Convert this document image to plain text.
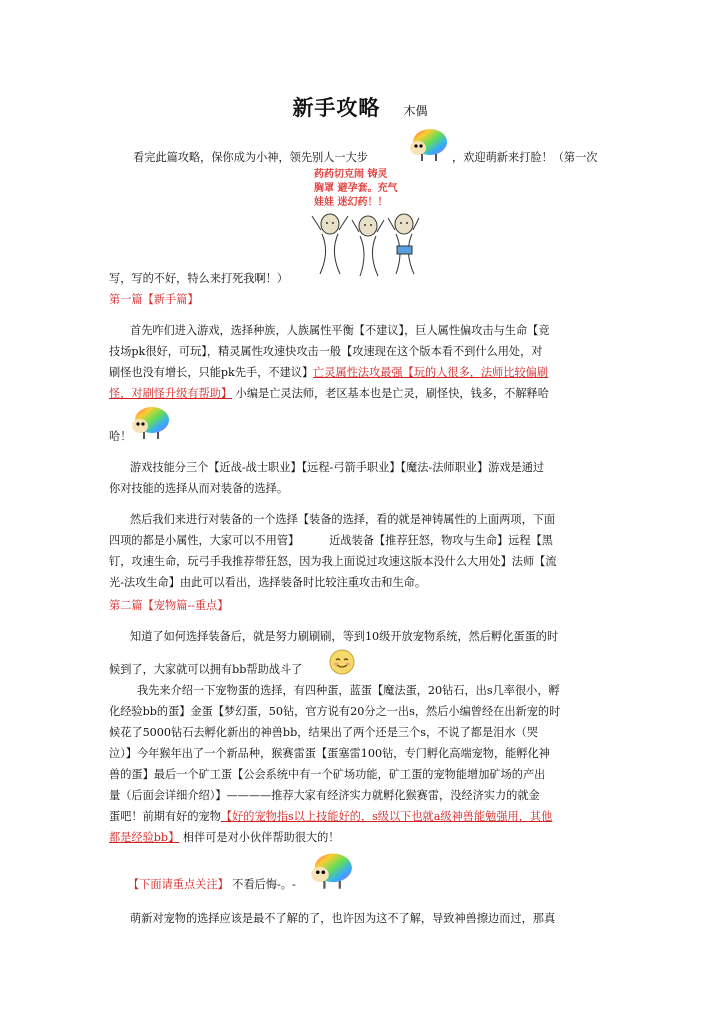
新手攻略 木偶
看完此篇攻略，保你成为小神，领先别人一大步	，欢迎萌新来打脸！（第一次
药药切克闹 铸灵
胸罩 避孕套。充气
娃娃 迷幻药！！
写，写的不好，特么来打死我啊！）
第一篇【新手篇】
首先咋们进入游戏，选择种族，人族属性平衡【不建议】，巨人属性偏攻击与生命【竞
技场pk很好，可玩】，精灵属性攻速快攻击一般【攻速现在这个版本看不到什么用处，对
刷怪也没有增长，只能pk先手，不建议】亡灵属性法攻最强【玩的人很多，法师比较偏刷
怪，对刷怪升级有帮助】 小编是亡灵法师，老区基本也是亡灵，刷怪快，钱多，不解释哈
哈！
游戏技能分三个【近战-战士职业】【远程-弓箭手职业】【魔法-法师职业】游戏是通过
你对技能的选择从而对装备的选择。
然后我们来进行对装备的一个选择【装备的选择，看的就是神铸属性的上面两项，下面
四项的都是小属性，大家可以不用管】	近战装备【推荐狂怒，物攻与生命】远程【黑
钉，攻速生命，玩弓手我推荐带狂怒，因为我上面说过攻速这版本没什么大用处】法师【流
光-法攻生命】由此可以看出，选择装备时比较注重攻击和生命。
第二篇【宠物篇--重点】
知道了如何选择装备后，就是努力刷刷刷，等到10级开放宠物系统，然后孵化蛋蛋的时
候到了，大家就可以拥有bb帮助战斗了
我先来介绍一下宠物蛋的选择，有四种蛋，蓝蛋【魔法蛋，20钻石，出s几率很小，孵
化经验bb的蛋】金蛋【梦幻蛋，50钻，官方说有20分之一出s，然后小编曾经在出新宠的时
候花了5000钻石去孵化新出的神兽bb，结果出了两个还是三个s，不说了都是泪水（哭
泣）】今年猴年出了一个新品种，猴赛雷蛋【蛋塞雷100钻，专门孵化高端宠物，能孵化神
兽的蛋】最后一个矿工蛋【公会系统中有一个矿场功能，矿工蛋的宠物能增加矿场的产出
量（后面会详细介绍）】————推荐大家有经济实力就孵化猴赛雷，没经济实力的就金
蛋吧！前期有好的宠物【好的宠物指s以上技能好的，s级以下也就a级神兽能勉强用，其他
都是经验bb】 相伴可是对小伙伴帮助很大的！
【下面请重点关注】 不看后悔-。-
萌新对宠物的选择应该是最不了解的了，也许因为这不了解，导致神兽擦边而过，那真
